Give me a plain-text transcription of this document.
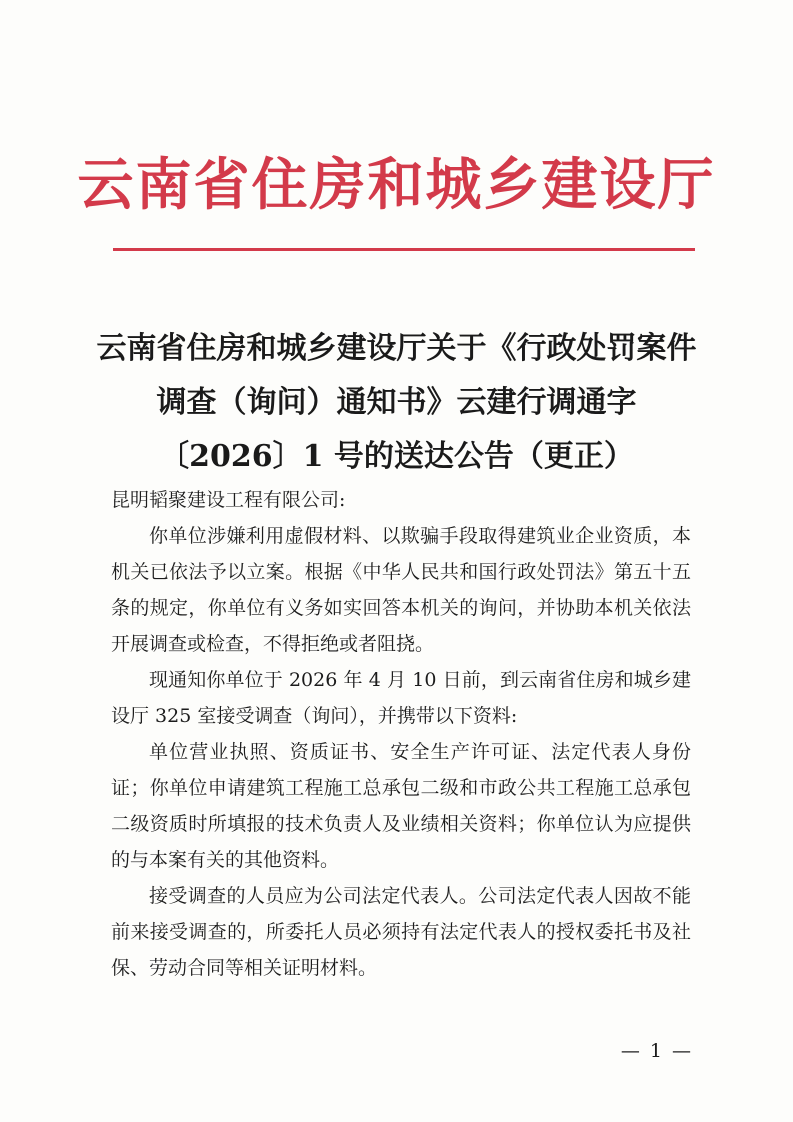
云南省住房和城乡建设厅
云南省住房和城乡建设厅关于《行政处罚案件
调查（询问）通知书》云建行调通字
〔2026〕1 号的送达公告（更正）

昆明韬聚建设工程有限公司:

你单位涉嫌利用虚假材料、以欺骗手段取得建筑业企业资质，本机关已依法予以立案。根据《中华人民共和国行政处罚法》第五十五条的规定，你单位有义务如实回答本机关的询问，并协助本机关依法开展调查或检查，不得拒绝或者阻挠。

现通知你单位于 2026 年 4 月 10 日前，到云南省住房和城乡建设厅 325 室接受调查（询问），并携带以下资料:

单位营业执照、资质证书、安全生产许可证、法定代表人身份证；你单位申请建筑工程施工总承包二级和市政公共工程施工总承包二级资质时所填报的技术负责人及业绩相关资料；你单位认为应提供的与本案有关的其他资料。

接受调查的人员应为公司法定代表人。公司法定代表人因故不能前来接受调查的，所委托人员必须持有法定代表人的授权委托书及社保、劳动合同等相关证明材料。

— 1 —
